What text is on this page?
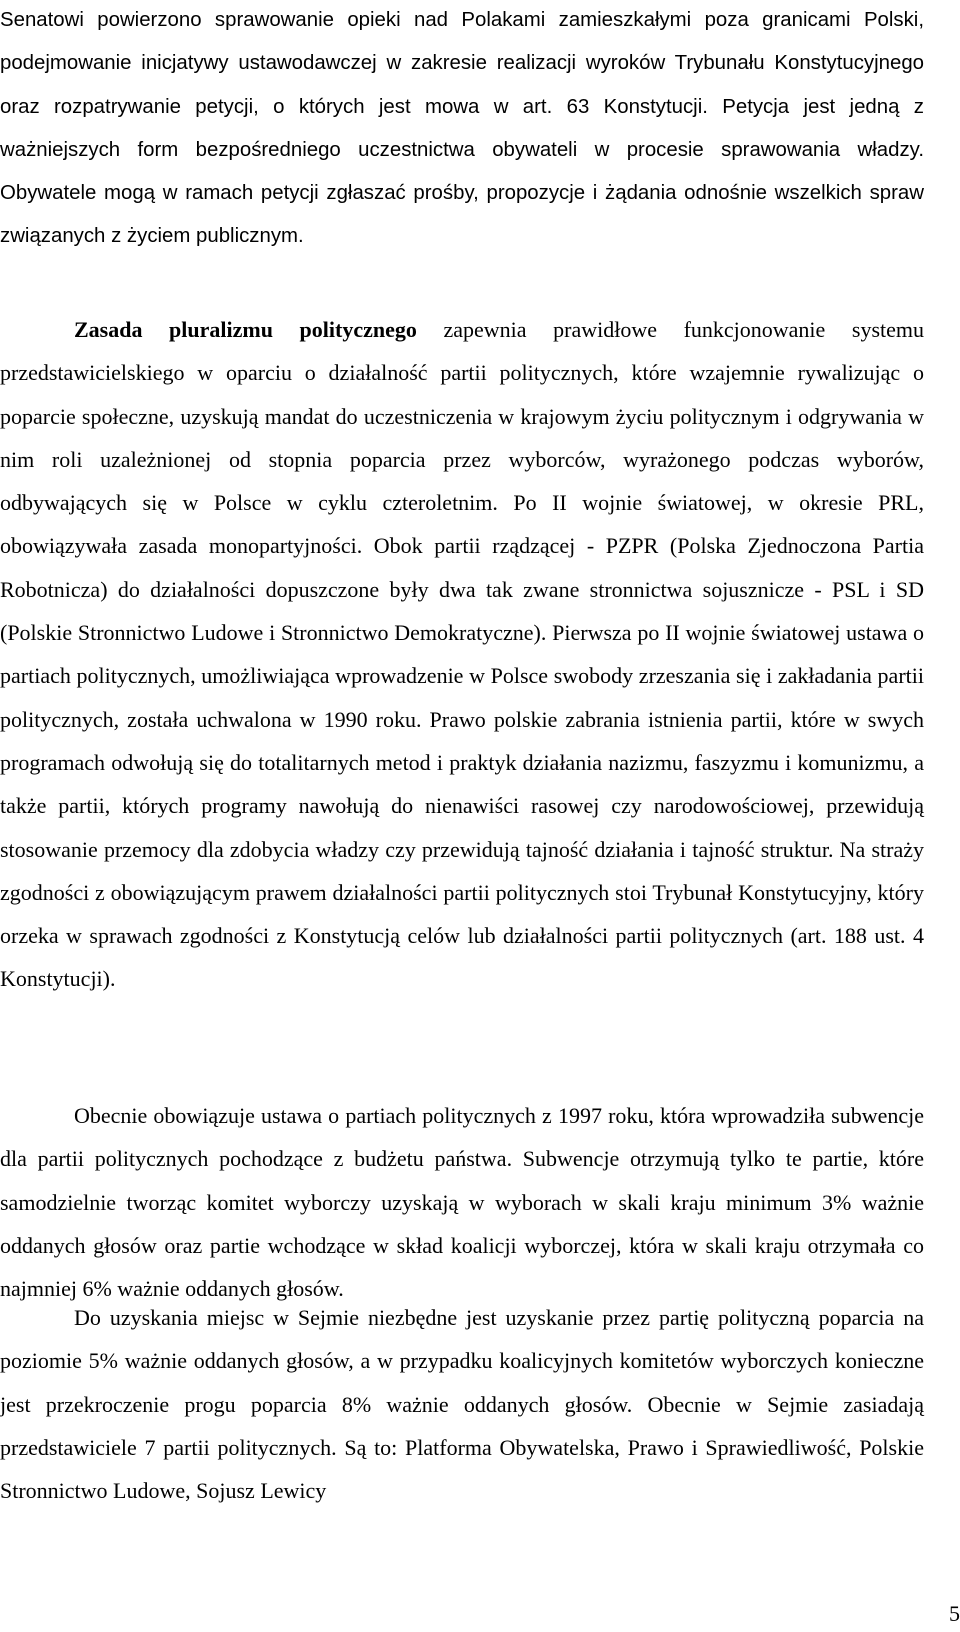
Senatowi powierzono sprawowanie opieki nad Polakami zamieszkałymi poza granicami Polski, podejmowanie inicjatywy ustawodawczej w zakresie realizacji wyroków Trybunału Konstytucyjnego oraz rozpatrywanie petycji, o których jest mowa w art. 63 Konstytucji. Petycja jest jedną z ważniejszych form bezpośredniego uczestnictwa obywateli w procesie sprawowania władzy. Obywatele mogą w ramach petycji zgłaszać prośby, propozycje i żądania odnośnie wszelkich spraw związanych z życiem publicznym.

Zasada pluralizmu politycznego zapewnia prawidłowe funkcjonowanie systemu przedstawicielskiego w oparciu o działalność partii politycznych, które wzajemnie rywalizując o poparcie społeczne, uzyskują mandat do uczestniczenia w krajowym życiu politycznym i odgrywania w nim roli uzależnionej od stopnia poparcia przez wyborców, wyrażonego podczas wyborów, odbywających się w Polsce w cyklu czteroletnim. Po II wojnie światowej, w okresie PRL, obowiązywała zasada monopartyjności. Obok partii rządzącej - PZPR (Polska Zjednoczona Partia Robotnicza) do działalności dopuszczone były dwa tak zwane stronnictwa sojusznicze - PSL i SD (Polskie Stronnictwo Ludowe i Stronnictwo Demokratyczne). Pierwsza po II wojnie światowej ustawa o partiach politycznych, umożliwiająca wprowadzenie w Polsce swobody zrzeszania się i zakładania partii politycznych, została uchwalona w 1990 roku. Prawo polskie zabrania istnienia partii, które w swych programach odwołują się do totalitarnych metod i praktyk działania nazizmu, faszyzmu i komunizmu, a także partii, których programy nawołują do nienawiści rasowej czy narodowościowej, przewidują stosowanie przemocy dla zdobycia władzy czy przewidują tajność działania i tajność struktur. Na straży zgodności z obowiązującym prawem działalności partii politycznych stoi Trybunał Konstytucyjny, który orzeka w sprawach zgodności z Konstytucją celów lub działalności partii politycznych (art. 188 ust. 4 Konstytucji).

Obecnie obowiązuje ustawa o partiach politycznych z 1997 roku, która wprowadziła subwencje dla partii politycznych pochodzące z budżetu państwa. Subwencje otrzymują tylko te partie, które samodzielnie tworząc komitet wyborczy uzyskają w wyborach w skali kraju minimum 3% ważnie oddanych głosów oraz partie wchodzące w skład koalicji wyborczej, która w skali kraju otrzymała co najmniej 6% ważnie oddanych głosów.

Do uzyskania miejsc w Sejmie niezbędne jest uzyskanie przez partię polityczną poparcia na poziomie 5% ważnie oddanych głosów, a w przypadku koalicyjnych komitetów wyborczych konieczne jest przekroczenie progu poparcia 8% ważnie oddanych głosów. Obecnie w Sejmie zasiadają przedstawiciele 7 partii politycznych. Są to: Platforma Obywatelska, Prawo i Sprawiedliwość, Polskie Stronnictwo Ludowe, Sojusz Lewicy

5
